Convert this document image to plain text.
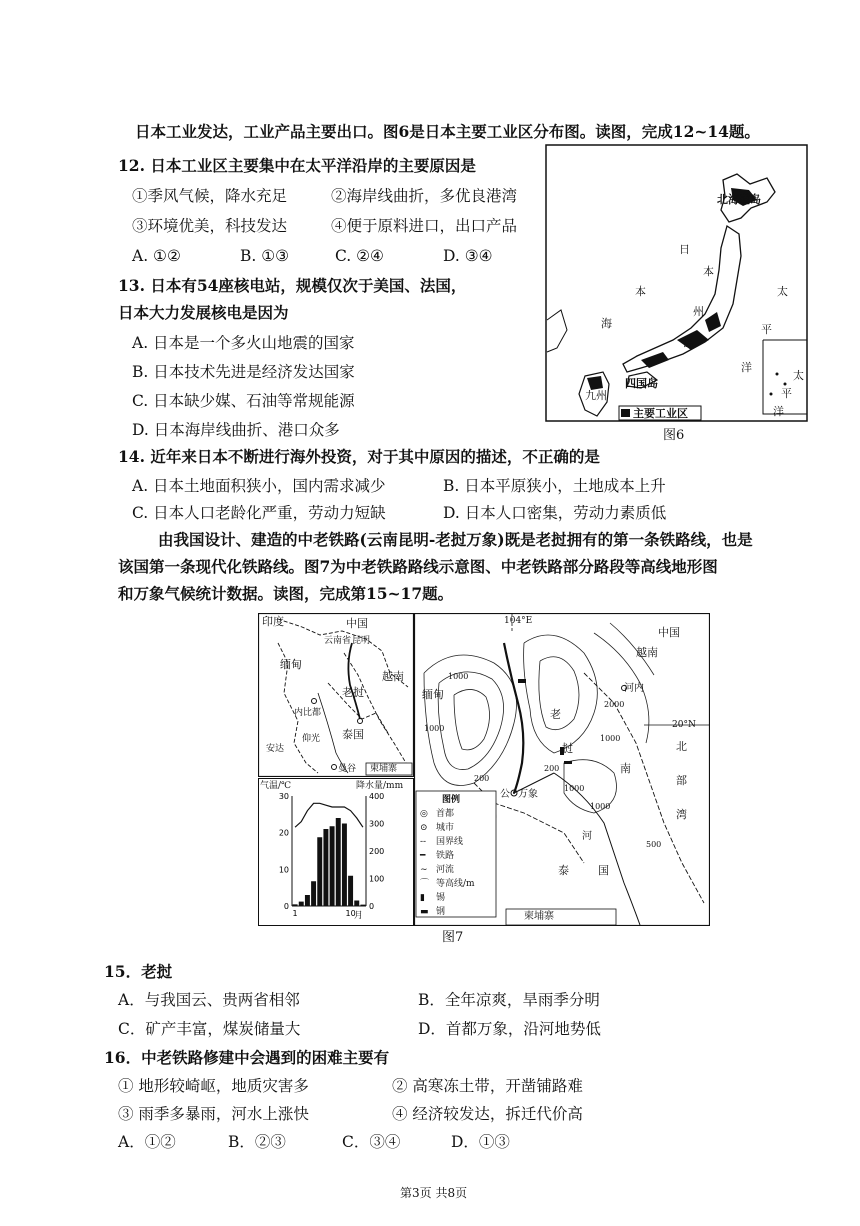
日本工业发达，工业产品主要出口。图6是日本主要工业区分布图。读图，完成12~14题。
12. 日本工业区主要集中在太平洋沿岸的主要原因是
①季风气候，降水充足	②海岸线曲折，多优良港湾
③环境优美，科技发达	④便于原料进口，出口产品
A. ①②	B. ①③	C. ②④	D. ③④
13. 日本有54座核电站，规模仅次于美国、法国，
日本大力发展核电是因为
A. 日本是一个多火山地震的国家
B. 日本技术先进是经济发达国家
C. 日本缺少媒、石油等常规能源
D. 日本海岸线曲折、港口众多
14. 近年来日本不断进行海外投资，对于其中原因的描述，不正确的是
A. 日本土地面积狭小，国内需求减少	B. 日本平原狭小，土地成本上升
C. 日本人口老龄化严重，劳动力短缺	D. 日本人口密集，劳动力素质低
北海道岛
日
本
海
本
州
岛
太
平
洋
四国岛
九州
太
平
洋
主要工业区
图6
由我国设计、建造的中老铁路(云南昆明-老挝万象)既是老挝拥有的第一条铁路线，也是
该国第一条现代化铁路线。图7为中老铁路路线示意图、中老铁路部分路段等高线地形图
和万象气候统计数据。读图，完成第15~17题。
印度	中国
云南省 昆明
缅甸
老挝
越南
内比都
泰国
仰光
安达
曼谷 柬埔寨
0
10
20
30
0
100
200
300
400
1	10
气温/℃	降水量/mm
月
104°E
20°N
中国
缅甸
越南
河内
老
挝	北
部
湾
万象
公
南
泰	国
河
柬埔寨
1000
1000
200
2000
1000
200
1000
500
1000
图例
◎ 首都
⊙ 城市
-- 国界线
━ 铁路
∼ 河流
⌒ 等高线/m
▮ 锡
▬ 钢
图7
15．老挝
A．与我国云、贵两省相邻	B．全年凉爽，旱雨季分明
C．矿产丰富，煤炭储量大	D．首都万象，沿河地势低
16．中老铁路修建中会遇到的困难主要有
① 地形较崎岖，地质灾害多	② 高寒冻土带，开凿铺路难
③ 雨季多暴雨，河水上涨快	④ 经济较发达，拆迁代价高
A．①②	B．②③	C．③④	D．①③
第3页 共8页
